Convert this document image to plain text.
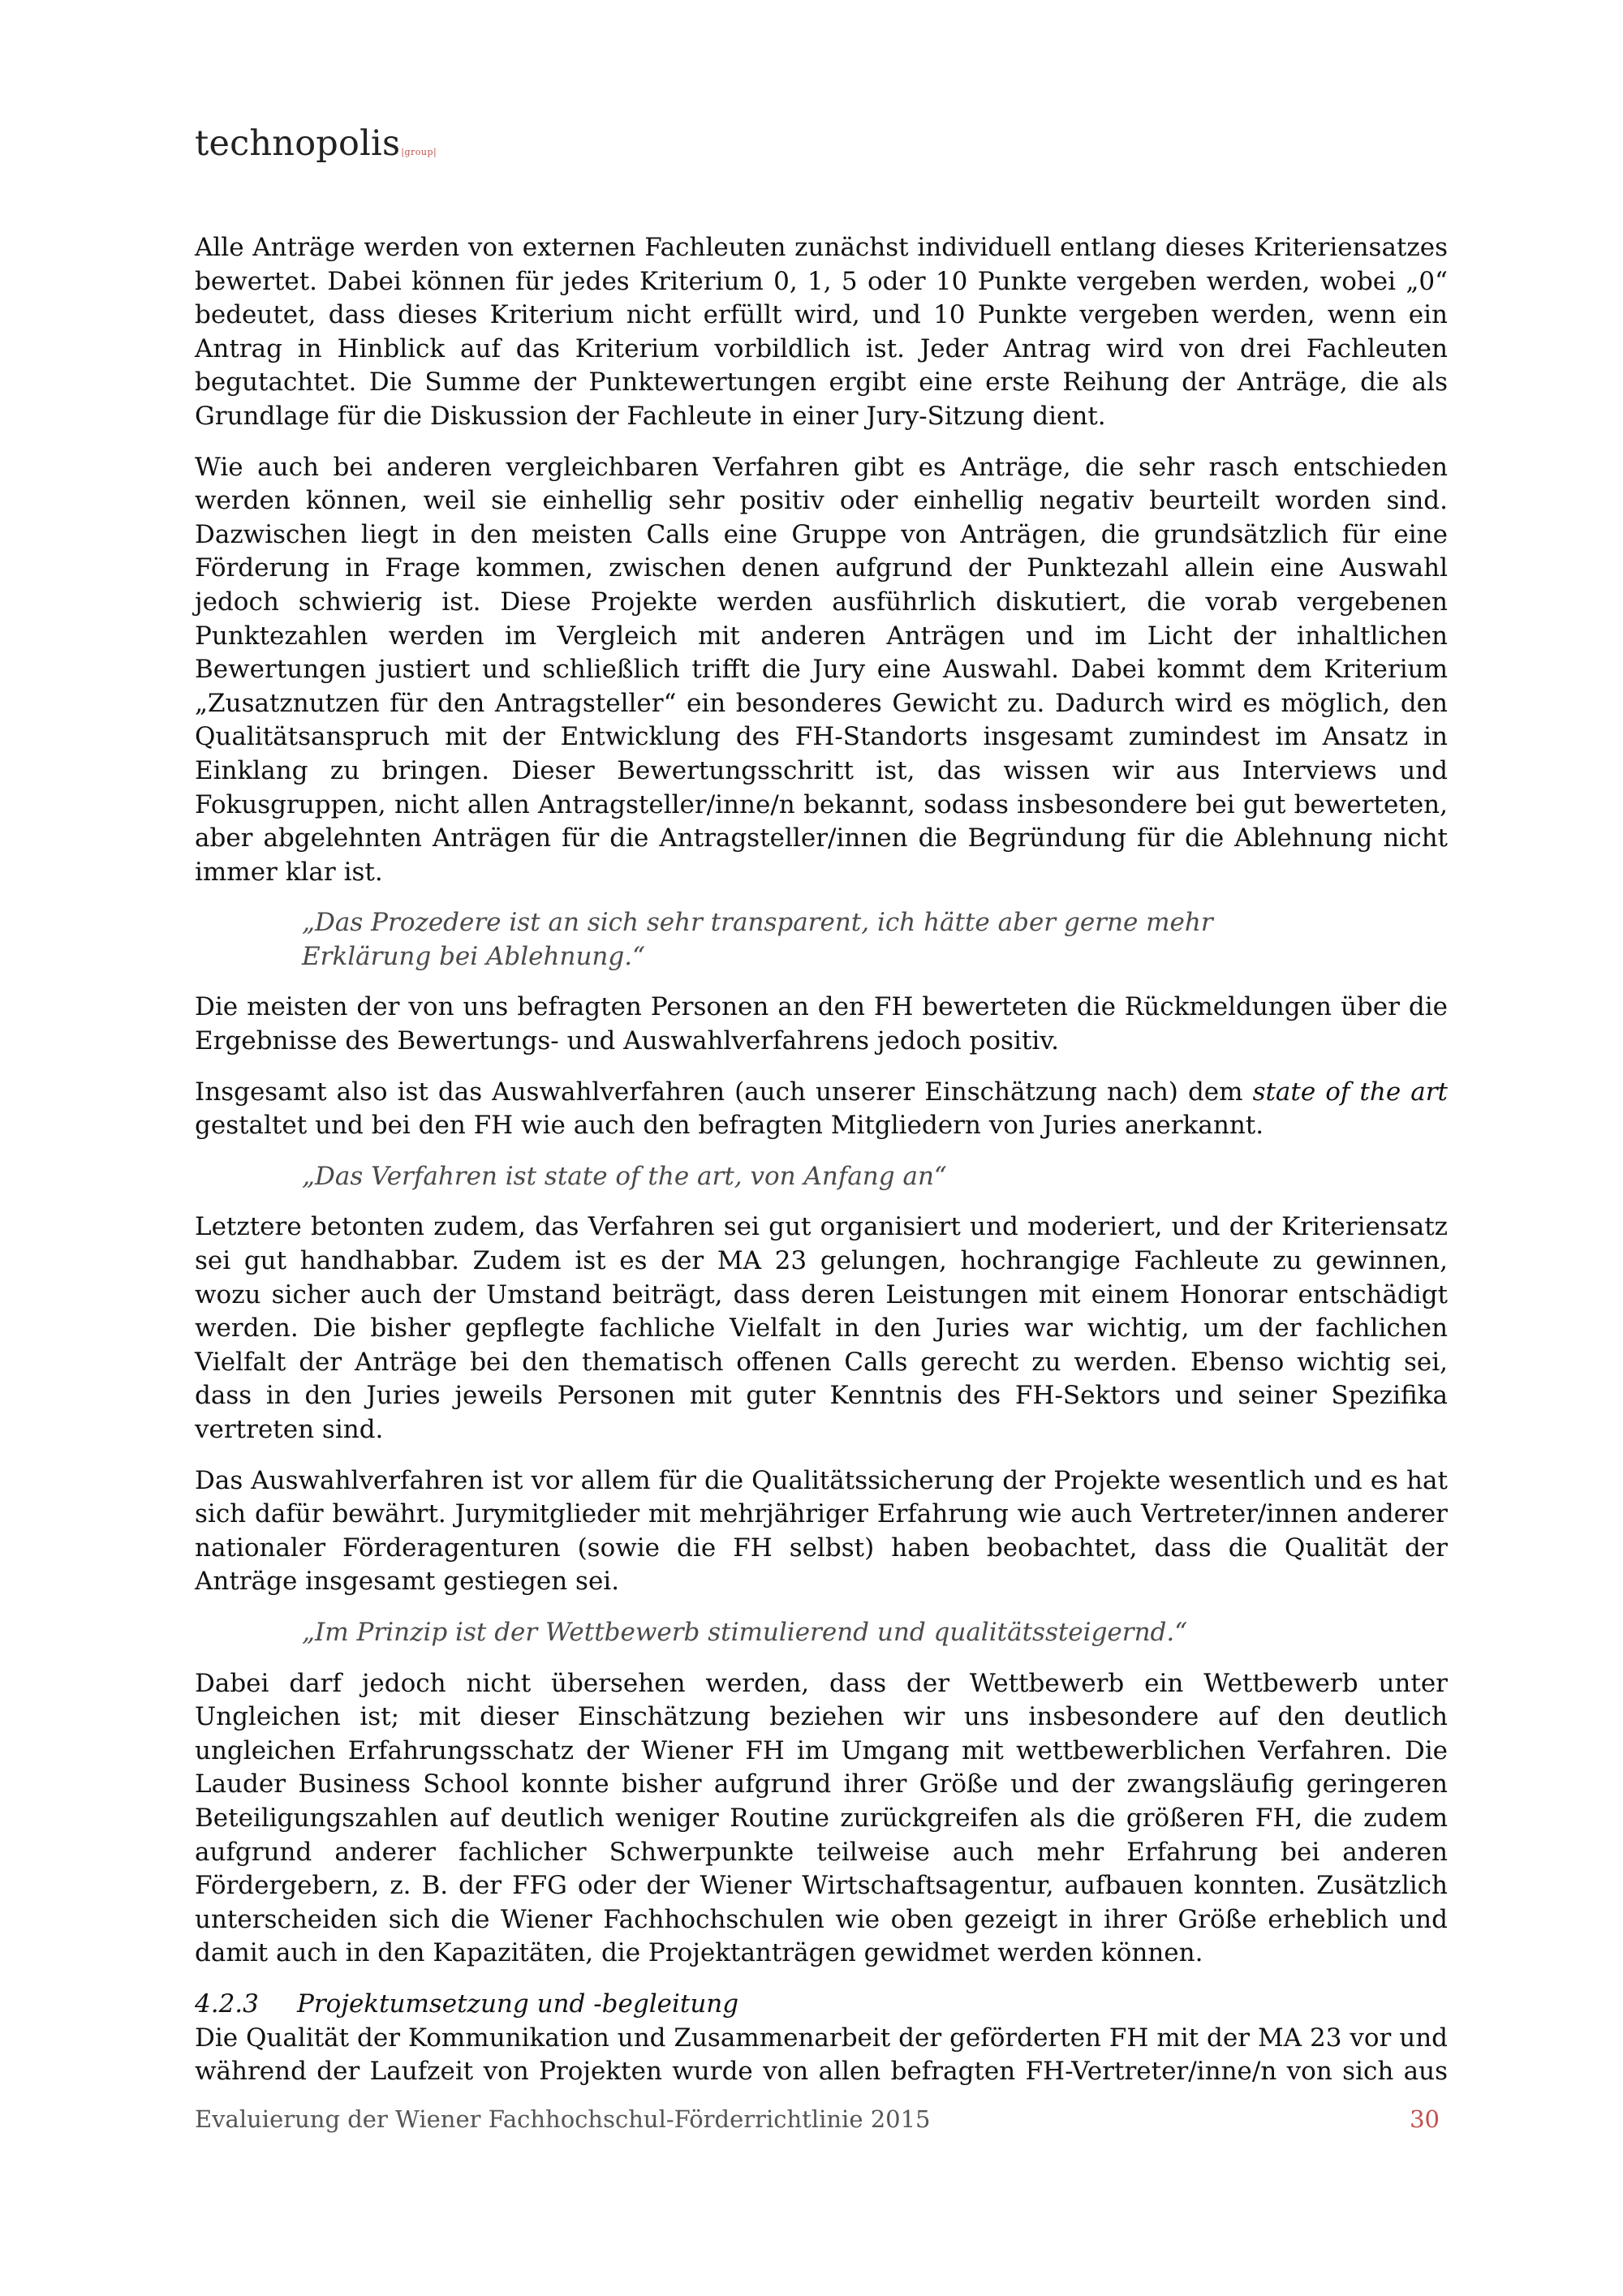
technopolis|group|

Alle Anträge werden von externen Fachleuten zunächst individuell entlang dieses Kriteriensatzes bewertet. Dabei können für jedes Kriterium 0, 1, 5 oder 10 Punkte vergeben werden, wobei „0“ bedeutet, dass dieses Kriterium nicht erfüllt wird, und 10 Punkte vergeben werden, wenn ein Antrag in Hinblick auf das Kriterium vorbildlich ist. Jeder Antrag wird von drei Fachleuten begutachtet. Die Summe der Punktewertungen ergibt eine erste Reihung der Anträge, die als Grundlage für die Diskussion der Fachleute in einer Jury-Sitzung dient.

Wie auch bei anderen vergleichbaren Verfahren gibt es Anträge, die sehr rasch entschieden werden können, weil sie einhellig sehr positiv oder einhellig negativ beurteilt worden sind. Dazwischen liegt in den meisten Calls eine Gruppe von Anträgen, die grundsätzlich für eine Förderung in Frage kommen, zwischen denen aufgrund der Punktezahl allein eine Auswahl jedoch schwierig ist. Diese Projekte werden ausführlich diskutiert, die vorab vergebenen Punktezahlen werden im Vergleich mit anderen Anträgen und im Licht der inhaltlichen Bewertungen justiert und schließlich trifft die Jury eine Auswahl. Dabei kommt dem Kriterium „Zusatznutzen für den Antragsteller“ ein besonderes Gewicht zu. Dadurch wird es möglich, den Qualitätsanspruch mit der Entwicklung des FH-Standorts insgesamt zumindest im Ansatz in Einklang zu bringen. Dieser Bewertungsschritt ist, das wissen wir aus Interviews und Fokusgruppen, nicht allen Antragsteller/inne/n bekannt, sodass insbesondere bei gut bewerteten, aber abgelehnten Anträgen für die Antragsteller/innen die Begründung für die Ablehnung nicht immer klar ist.

„Das Prozedere ist an sich sehr transparent, ich hätte aber gerne mehr Erklärung bei Ablehnung.“

Die meisten der von uns befragten Personen an den FH bewerteten die Rückmeldungen über die Ergebnisse des Bewertungs- und Auswahlverfahrens jedoch positiv.

Insgesamt also ist das Auswahlverfahren (auch unserer Einschätzung nach) dem state of the art gestaltet und bei den FH wie auch den befragten Mitgliedern von Juries anerkannt.

„Das Verfahren ist state of the art, von Anfang an“

Letztere betonten zudem, das Verfahren sei gut organisiert und moderiert, und der Kriteriensatz sei gut handhabbar. Zudem ist es der MA 23 gelungen, hochrangige Fachleute zu gewinnen, wozu sicher auch der Umstand beiträgt, dass deren Leistungen mit einem Honorar entschädigt werden. Die bisher gepflegte fachliche Vielfalt in den Juries war wichtig, um der fachlichen Vielfalt der Anträge bei den thematisch offenen Calls gerecht zu werden. Ebenso wichtig sei, dass in den Juries jeweils Personen mit guter Kenntnis des FH-Sektors und seiner Spezifika vertreten sind.

Das Auswahlverfahren ist vor allem für die Qualitätssicherung der Projekte wesentlich und es hat sich dafür bewährt. Jurymitglieder mit mehrjähriger Erfahrung wie auch Vertreter/innen anderer nationaler Förderagenturen (sowie die FH selbst) haben beobachtet, dass die Qualität der Anträge insgesamt gestiegen sei.

„Im Prinzip ist der Wettbewerb stimulierend und qualitätssteigernd.“

Dabei darf jedoch nicht übersehen werden, dass der Wettbewerb ein Wettbewerb unter Ungleichen ist; mit dieser Einschätzung beziehen wir uns insbesondere auf den deutlich ungleichen Erfahrungsschatz der Wiener FH im Umgang mit wettbewerblichen Verfahren. Die Lauder Business School konnte bisher aufgrund ihrer Größe und der zwangsläufig geringeren Beteiligungszahlen auf deutlich weniger Routine zurückgreifen als die größeren FH, die zudem aufgrund anderer fachlicher Schwerpunkte teilweise auch mehr Erfahrung bei anderen Fördergebern, z. B. der FFG oder der Wiener Wirtschaftsagentur, aufbauen konnten. Zusätzlich unterscheiden sich die Wiener Fachhochschulen wie oben gezeigt in ihrer Größe erheblich und damit auch in den Kapazitäten, die Projektanträgen gewidmet werden können.

4.2.3 Projektumsetzung und -begleitung

Die Qualität der Kommunikation und Zusammenarbeit der geförderten FH mit der MA 23 vor und während der Laufzeit von Projekten wurde von allen befragten FH-Vertreter/inne/n von sich aus

Evaluierung der Wiener Fachhochschul-Förderrichtlinie 2015	30
